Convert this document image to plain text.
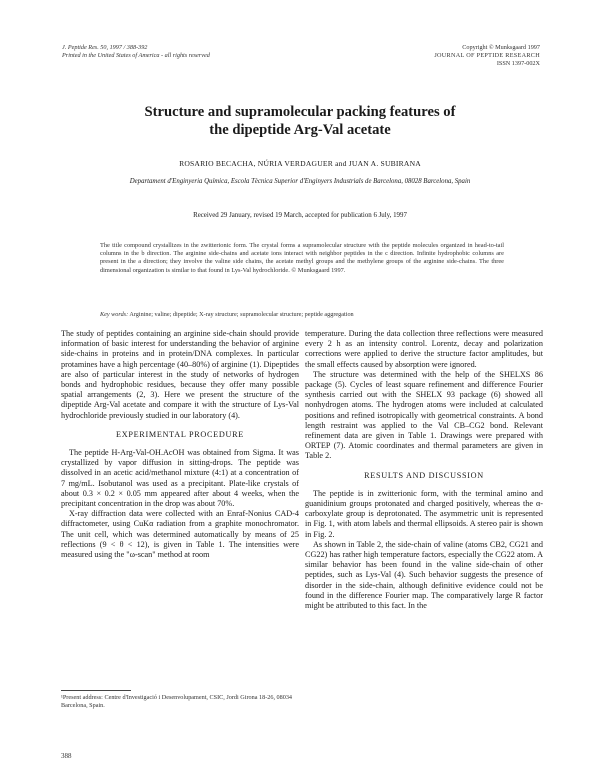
J. Peptide Res. 50, 1997 / 388-392
Printed in the United States of America - all rights reserved
Copyright © Munksgaard 1997
JOURNAL OF PEPTIDE RESEARCH
ISSN 1397-002X
Structure and supramolecular packing features of
the dipeptide Arg-Val acetate
ROSARIO BECACHA, NÚRIA VERDAGUER and JUAN A. SUBIRANA
Departament d'Enginyeria Química, Escola Tècnica Superior d'Enginyers Industrials de Barcelona, 08028 Barcelona, Spain
Received 29 January, revised 19 March, accepted for publication 6 July, 1997
The title compound crystallizes in the zwitterionic form. The crystal forms a supramolecular structure with the peptide molecules organized in head-to-tail columns in the b direction. The arginine side-chains and acetate ions interact with neighbor peptides in the c direction. Infinite hydrophobic columns are present in the a direction; they involve the valine side chains, the acetate methyl groups and the methylene groups of the arginine side-chains. The three dimensional organization is similar to that found in Lys-Val hydrochloride. © Munksgaard 1997.
Key words: Arginine; valine; dipeptide; X-ray structure; supramolecular structure; peptide aggregation

The study of peptides containing an arginine side-chain should provide information of basic interest for understanding the behavior of arginine side-chains in proteins and in protein/DNA complexes. In particular protamines have a high percentage (40–80%) of arginine (1). Dipeptides are also of particular interest in the study of networks of hydrogen bonds and hydrophobic residues, because they offer many possible spatial arrangements (2, 3). Here we present the structure of the dipeptide Arg-Val acetate and compare it with the structure of Lys-Val hydrochloride previously studied in our laboratory (4).

EXPERIMENTAL PROCEDURE

The peptide H-Arg-Val-OH.AcOH was obtained from Sigma. It was crystallized by vapor diffusion in sitting-drops. The peptide was dissolved in an acetic acid/methanol mixture (4:1) at a concentration of 7 mg/mL. Isobutanol was used as a precipitant. Plate-like crystals of about 0.3 × 0.2 × 0.05 mm appeared after about 4 weeks, when the precipitant concentration in the drop was about 70%.

X-ray diffraction data were collected with an Enraf-Nonius CAD-4 diffractometer, using CuKα radiation from a graphite monochromator. The unit cell, which was determined automatically by means of 25 reflections (9 < θ < 12), is given in Table 1. The intensities were measured using the "ω-scan" method at room

temperature. During the data collection three reflections were measured every 2 h as an intensity control. Lorentz, decay and polarization corrections were applied to derive the structure factor amplitudes, but the small effects caused by absorption were ignored.

The structure was determined with the help of the SHELXS 86 package (5). Cycles of least square refinement and difference Fourier synthesis carried out with the SHELX 93 package (6) showed all nonhydrogen atoms. The hydrogen atoms were included at calculated positions and refined isotropically with geometrical constraints. A bond length restraint was applied to the Val CB–CG2 bond. Relevant refinement data are given in Table 1. Drawings were prepared with ORTEP (7). Atomic coordinates and thermal parameters are given in Table 2.

RESULTS AND DISCUSSION

The peptide is in zwitterionic form, with the terminal amino and guanidinium groups protonated and charged positively, whereas the α-carboxylate group is deprotonated. The asymmetric unit is represented in Fig. 1, with atom labels and thermal ellipsoids. A stereo pair is shown in Fig. 2.

As shown in Table 2, the side-chain of valine (atoms CB2, CG21 and CG22) has rather high temperature factors, especially the CG22 atom. A similar behavior has been found in the valine side-chain of other peptides, such as Lys-Val (4). Such behavior suggests the presence of disorder in the side-chain, although definitive evidence could not be found in the difference Fourier map. The comparatively large R factor might be attributed to this fact. In the

¹Present address: Centre d'Investigació i Desenvolupament, CSIC, Jordi Girona 18-26, 08034 Barcelona, Spain.
388
